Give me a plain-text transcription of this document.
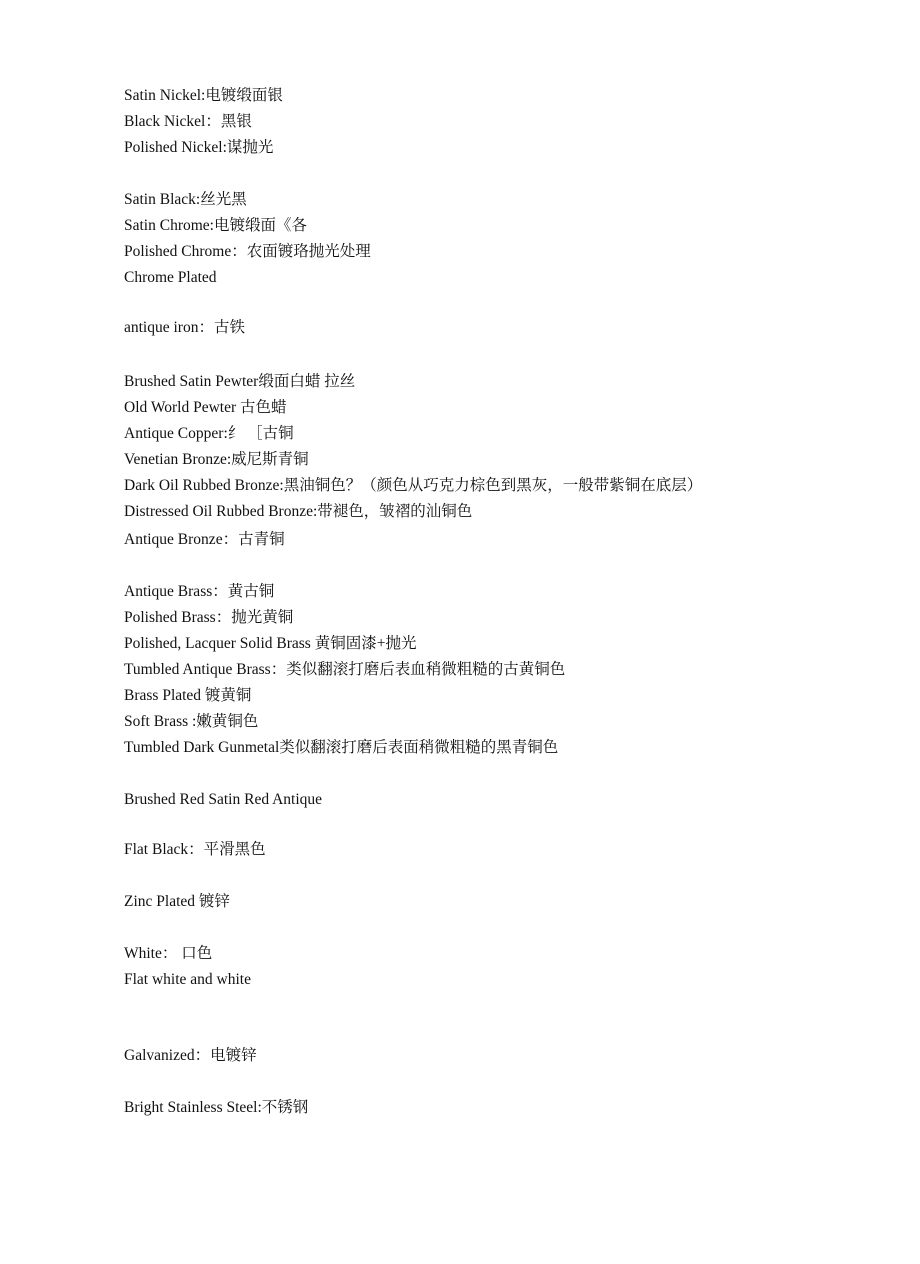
Satin Nickel:电镀缎面银
Black Nickel：黑银
Polished Nickel:谋抛光
Satin Black:丝光黑
Satin Chrome:电镀缎面《各
Polished Chrome：农面镀珞抛光处理
Chrome Plated
antique iron：古铁
Brushed Satin Pewter缎面白蜡 拉丝
Old World Pewter 古色蜡
Antique Copper:纟 ［古铜
Venetian Bronze:威尼斯青铜
Dark Oil Rubbed Bronze:黑油铜色？（颜色从巧克力棕色到黑灰，一般带紫铜在底层）
Distressed Oil Rubbed Bronze:带褪色，皱褶的汕铜色
Antique Bronze：古青铜
Antique Brass：黄古铜
Polished Brass：抛光黄铜
Polished, Lacquer Solid Brass 黄铜固漆+抛光
Tumbled Antique Brass：类似翻滚打磨后表血稍微粗糙的古黄铜色
Brass Plated 镀黄铜
Soft Brass :嫩黄铜色
Tumbled Dark Gunmetal类似翻滚打磨后表面稍微粗糙的黑青铜色
Brushed Red Satin Red Antique
Flat Black：平滑黑色
Zinc Plated 镀锌
White： 口色
Flat white and white
Galvanized：电镀锌
Bright Stainless Steel:不锈钢
